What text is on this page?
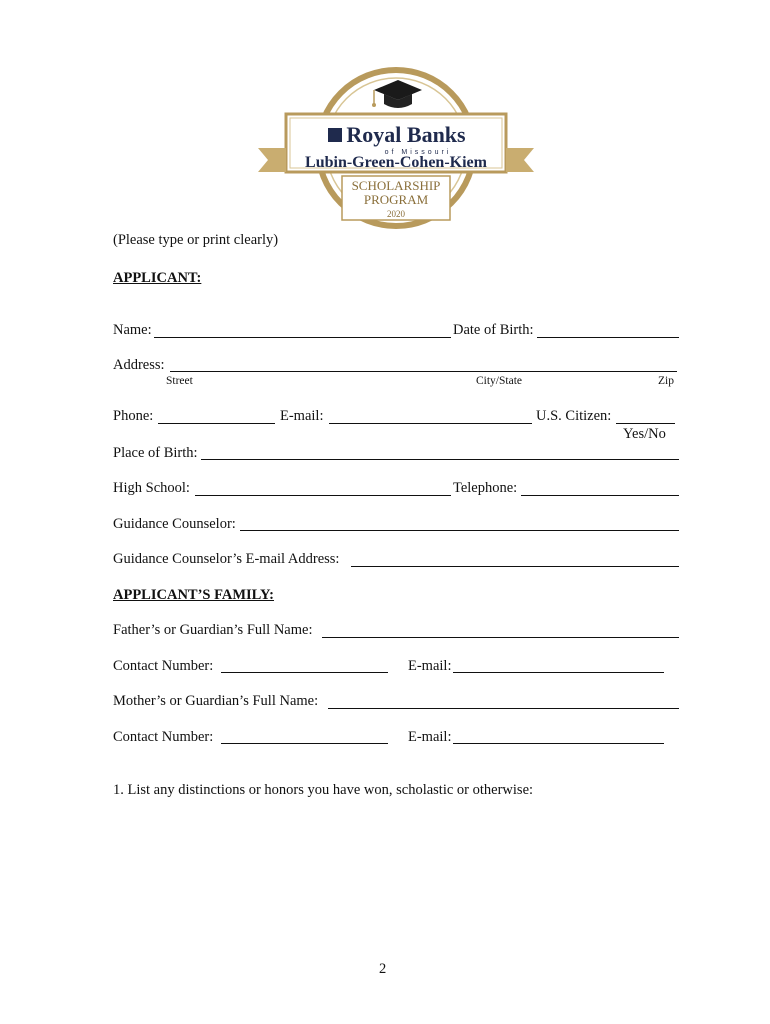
Royal Banks
of Missouri
Lubin-Green-Cohen-Kiem
SCHOLARSHIP
PROGRAM
2020
(Please type or print clearly)
APPLICANT:
Name:	Date of Birth:
Address:
Street	City/State	Zip
Phone:	E-mail:	U.S. Citizen:
Yes/No
Place of Birth:
High School:	Telephone:
Guidance Counselor:
Guidance Counselor’s E-mail Address:
APPLICANT’S FAMILY:
Father’s or Guardian’s Full Name:
Contact Number:	E-mail:
Mother’s or Guardian’s Full Name:
Contact Number:	E-mail:
1. List any distinctions or honors you have won, scholastic or otherwise:
2
